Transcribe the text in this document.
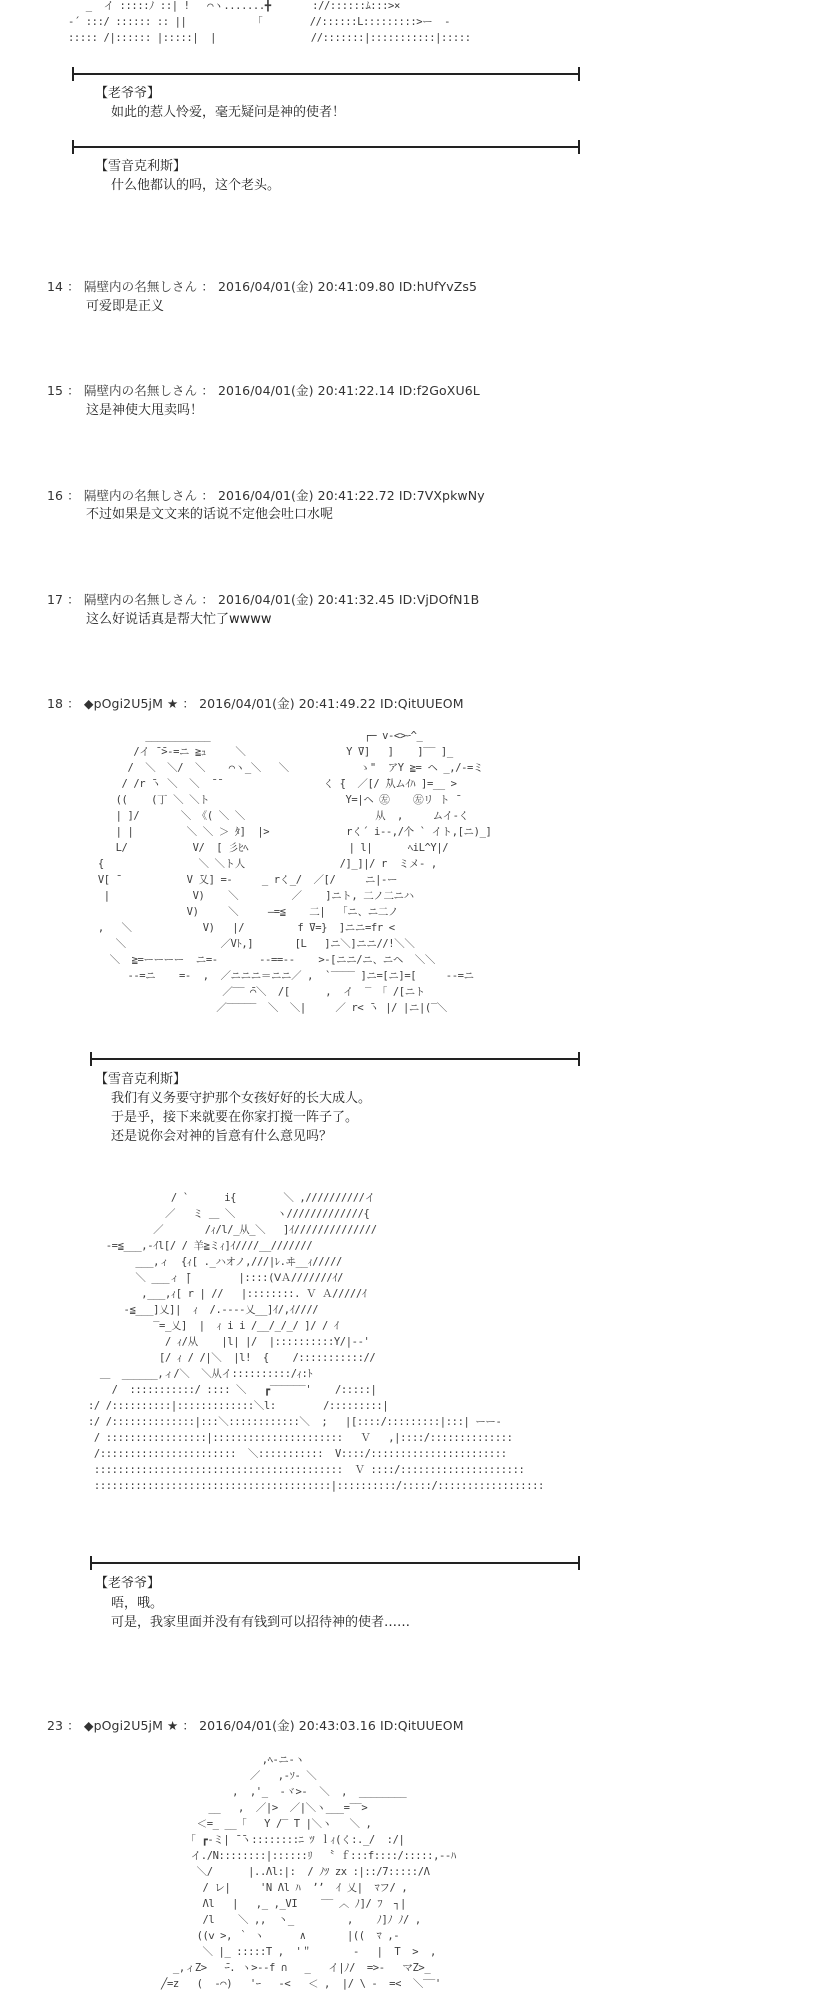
_  イ :::::ﾉ ::| !   ⌒ヽ.......╋       ://::::::ﾑ:::>×
-´ :::/ :::::: :: ||            ｢        //::::::L:::::::::>ー  -
::::: /|:::::: |:::::|  |                //:::::::|:::::::::::|:::::
【老爷爷】
如此的惹人怜爱，毫无疑问是神的使者！
【雪音克利斯】
什么他都认的吗，这个老头。
14 ： 隔壁内の名無しさん ： 2016/04/01(金) 20:41:09.80 ID:hUfYvZs5
可爱即是正义
15 ： 隔壁内の名無しさん ： 2016/04/01(金) 20:41:22.14 ID:f2GoXU6L
这是神使大甩卖吗！
16 ： 隔壁内の名無しさん ： 2016/04/01(金) 20:41:22.72 ID:7VXpkwNy
不过如果是文文来的话说不定他会吐口水呢
17 ： 隔壁内の名無しさん ： 2016/04/01(金) 20:41:32.45 ID:VjDOfN1B
这么好说话真是帮大忙了wwww
18 ： ◆pOgi2U5jM ★ ： 2016/04/01(金) 20:41:49.22 ID:QitUUEOM
___________                          ┌─ v-<>ｰ^_
/イ ̄ ̄>-=ニ ≧ｭ     ＼                 Y ̄V]   ]    ]‾‾ ]_
/  ＼  ＼/  ＼    ⌒ヽ_＼   ＼            ゝ"  アY ≧= ヘ _,/-=ミ
/ /r ̄ヽ ＼  ＼  ̄ ̄                  く ̄{  ／[/ ̄从ムｲﾊ ]=__ >
((    (丁 ＼ ＼ト                       Y=|ヘ ㊧    ㊧リ ト ̄
| ]/       ＼ 《( ＼ ＼                      从  ,     ムイ-く
| |         ＼ ＼ ＞ ﾀ]  |>             rく´ i--,/个 ` イト,[ニ)_]
L/           V/  [ 彡ﾋﾍ                 | l|      ﾍiL^Y|/
{                ＼ ＼ト人                /]_]|/ r  ミメ- ,
V[ ̄            V ̄乂] =-     _ rく_/  ／[/     ニ|-ー
|              V)    ＼         ／    ]ニト, 二ノ二ニハ
V)     ＼     ―=≦    二|  「ニ、ニ二ノ
,   ＼            V)   |/         f ̄V=}  ]ニニ=fr <
＼                ／Vﾄ,]       [L   ]ニ＼]ニニ//!＼＼
＼  ≧=ーーーー  ニ=-       --==--    >-[ニニ/ニ、ニヘ  ＼＼
--=ニ    =-  ,  ／ニニニ＝ニニ／ ,  `‾‾‾‾ ]ニ=[ニ]=[     --=ニ
／‾‾ ̄⌒＼  /[      ,  イ  ‾ 「 /[ニト
／‾‾‾‾‾  ＼  ＼|     ／ r< ̄ヽ |/ |ニ|(‾＼
【雪音克利斯】
我们有义务要守护那个女孩好好的长大成人。
于是乎，接下来就要在你家打搅一阵子了。
还是说你会对神的旨意有什么意见吗？
/ `      i{        ＼ ,//////////イ
／   ミ ＿ ＼       ヽ/////////////{
／       /ｨ/l/_从_＼   ]ｲ//////////////
-=≦___,-ｲl[/ / 羊≧ミｨ]ｲ////__///////
___,ィ  {ｨ[ ._ハオノ,///|ﾚ.ヰ__ｨ/////
＼ ___ィ ̄|        |::::(ⅤＡ///////ｲ/
,___,ｨ[ r | //   |::::::::. Ｖ Ａ/////ｲ
-≦___]乂]|  ｨ  /.----乂__]ｲ/,ｲ////
‾=_乂]  |  ｨ i i /__/_/_/ ]/ / ｲ
/ ｨ/从    |l| |/  |::::::::::Y/|--'
[/ ｨ / /|＼  |l!  {    /::::::::::://
＿  ______,ィ/＼  ＼从イ::::::::::/ｨ:ﾄ
/  :::::::::::/ :::: ＼   ┏‾‾‾‾‾‾'    /:::::|
:/ /::::::::::|:::::::::::::＼l:        /:::::::::|
:/ /::::::::::::::|:::＼::::::::::::＼  ;   |[::::/:::::::::|:::| ーー-
/ :::::::::::::::::|::::::::::::::::::::::   Ｖ   ,|::::/::::::::::::::
/:::::::::::::::::::::::  ＼:::::::::::  V::::/:::::::::::::::::::::::
::::::::::::::::::::::::::::::::::::::::::  Ｖ ::::/:::::::::::::::::::::
::::::::::::::::::::::::::::::::::::::::|::::::::::/:::::/::::::::::::::::::
【老爷爷】
唔，哦。
可是，我家里面并没有有钱到可以招待神的使者……
23 ： ◆pOgi2U5jM ★ ： 2016/04/01(金) 20:43:03.16 ID:QitUUEOM
,ﾍ‐ニ-ヽ
／   ,-ｿ- ＼
,  ,'_  -ヾ>-  ＼  ,  ________
__   ,  ／|>  ／|＼ヽ___=‾‾>
＜=_ __「   Y /‾ T |＼ヽ   ＼ ,
｢ ┏‐ミ| ̄ ̄ヽ::::::::ﾆ ﾂ ｌｨ(く:._/  :/|
イ./N::::::::|::::::ﾘ  〝 ｆ:::f::::/:::::,-‐ﾊ
＼/      |..Λl:|:  / ﾉﾂ zx :|::/7:::::/Λ
/ レ|     'N Λl ﾊ  ʼʼ  ｲ 乂|  ﾏフ/ ,
Λl   |   ,_ ,_VI    ‾‾ ︿ ﾉ]/ ﾌ  ┐|
/l    ＼ ,,  丶_         ,    ﾉ]ﾉ ﾉ/ ,
((ⅴ >, ｀ ヽ      ∧       |((  ﾏ ,-
＼ |_ :::::T ,  '＂       -   |  T  >  ,
_,ィZ>   ̄ｰ. ヽ>--f ∩   _   イ|ﾉ/  =>-   マZ>_
╱=z   (  -⌒)   'ｰ   -<   ＜ ,  |/ \ ‐  =<  ＼‾‾'
